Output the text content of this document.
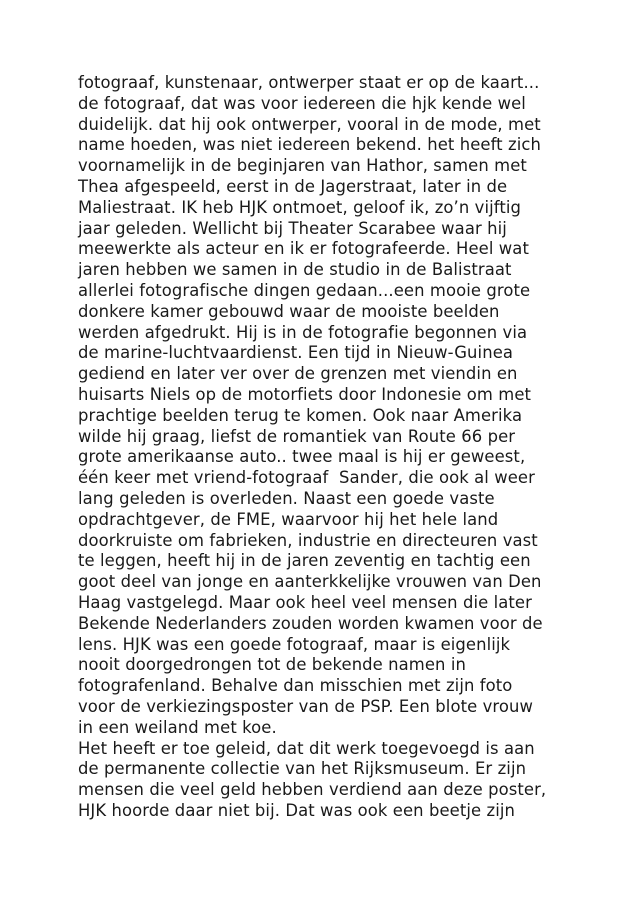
fotograaf, kunstenaar, ontwerper staat er op de kaart...
de fotograaf, dat was voor iedereen die hjk kende wel
duidelijk. dat hij ook ontwerper, vooral in de mode, met
name hoeden, was niet iedereen bekend. het heeft zich
voornamelijk in de beginjaren van Hathor, samen met
Thea afgespeeld, eerst in de Jagerstraat, later in de
Maliestraat. IK heb HJK ontmoet, geloof ik, zo’n vijftig
jaar geleden. Wellicht bij Theater Scarabee waar hij
meewerkte als acteur en ik er fotografeerde. Heel wat
jaren hebben we samen in de studio in de Balistraat
allerlei fotografische dingen gedaan...een mooie grote
donkere kamer gebouwd waar de mooiste beelden
werden afgedrukt. Hij is in de fotografie begonnen via
de marine-luchtvaardienst. Een tijd in Nieuw-Guinea
gediend en later ver over de grenzen met viendin en
huisarts Niels op de motorfiets door Indonesie om met
prachtige beelden terug te komen. Ook naar Amerika
wilde hij graag, liefst de romantiek van Route 66 per
grote amerikaanse auto.. twee maal is hij er geweest,
één keer met vriend-fotograaf  Sander, die ook al weer
lang geleden is overleden. Naast een goede vaste
opdrachtgever, de FME, waarvoor hij het hele land
doorkruiste om fabrieken, industrie en directeuren vast
te leggen, heeft hij in de jaren zeventig en tachtig een
goot deel van jonge en aanterkkelijke vrouwen van Den
Haag vastgelegd. Maar ook heel veel mensen die later
Bekende Nederlanders zouden worden kwamen voor de
lens. HJK was een goede fotograaf, maar is eigenlijk
nooit doorgedrongen tot de bekende namen in
fotografenland. Behalve dan misschien met zijn foto
voor de verkiezingsposter van de PSP. Een blote vrouw
in een weiland met koe.
Het heeft er toe geleid, dat dit werk toegevoegd is aan
de permanente collectie van het Rijksmuseum. Er zijn
mensen die veel geld hebben verdiend aan deze poster,
HJK hoorde daar niet bij. Dat was ook een beetje zijn
